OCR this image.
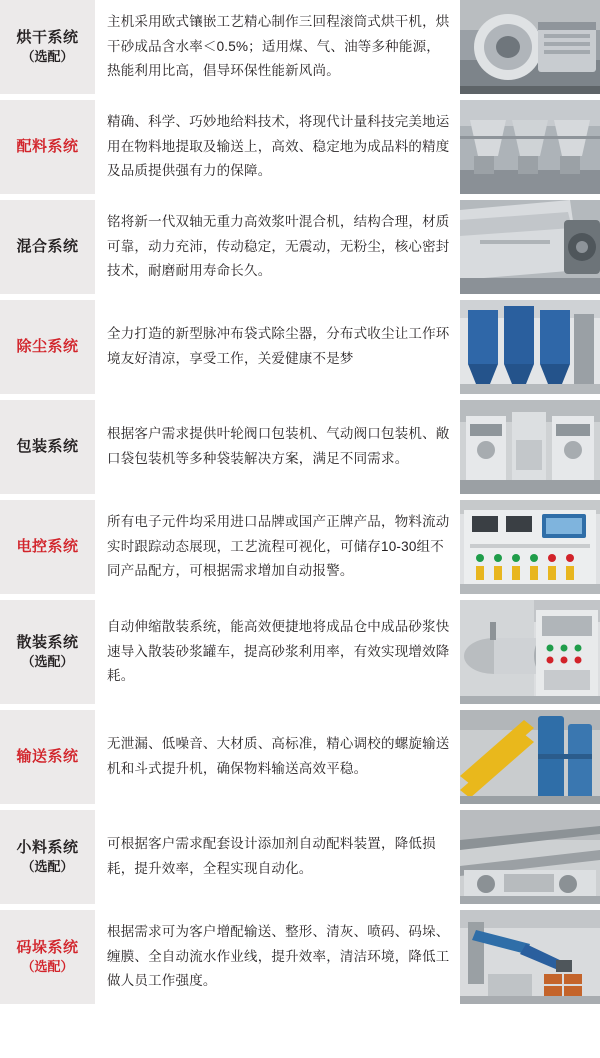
烘干系统
（选配）

主机采用欧式镶嵌工艺精心制作三回程滚筒式烘干机，烘干砂成品含水率＜0.5%；适用煤、气、油等多种能源，热能利用比高，倡导环保性能新风尚。

配料系统

精确、科学、巧妙地给料技术，将现代计量科技完美地运用在物料地提取及输送上，高效、稳定地为成品料的精度及品质提供强有力的保障。

混合系统

铭将新一代双轴无重力高效浆叶混合机，结构合理，材质可靠，动力充沛，传动稳定，无震动，无粉尘，核心密封技术，耐磨耐用寿命长久。

除尘系统

全力打造的新型脉冲布袋式除尘器，分布式收尘让工作环境友好清凉，享受工作，关爱健康不是梦

包装系统

根据客户需求提供叶轮阀口包装机、气动阀口包装机、敞口袋包装机等多种袋装解决方案，满足不同需求。

电控系统

所有电子元件均采用进口品牌或国产正牌产品，物料流动实时跟踪动态展现，工艺流程可视化，可储存10-30组不同产品配方，可根据需求增加自动报警。

散装系统
（选配）

自动伸缩散装系统，能高效便捷地将成品仓中成品砂浆快速导入散装砂浆罐车，提高砂浆利用率，有效实现增效降耗。

输送系统

无泄漏、低噪音、大材质、高标准，精心调校的螺旋输送机和斗式提升机，确保物料输送高效平稳。

小料系统
（选配）

可根据客户需求配套设计添加剂自动配料装置，降低损耗，提升效率，全程实现自动化。

码垛系统
（选配）

根据需求可为客户增配输送、整形、清灰、喷码、码垛、缠膜、全自动流水作业线，提升效率，清洁环境，降低工做人员工作强度。
